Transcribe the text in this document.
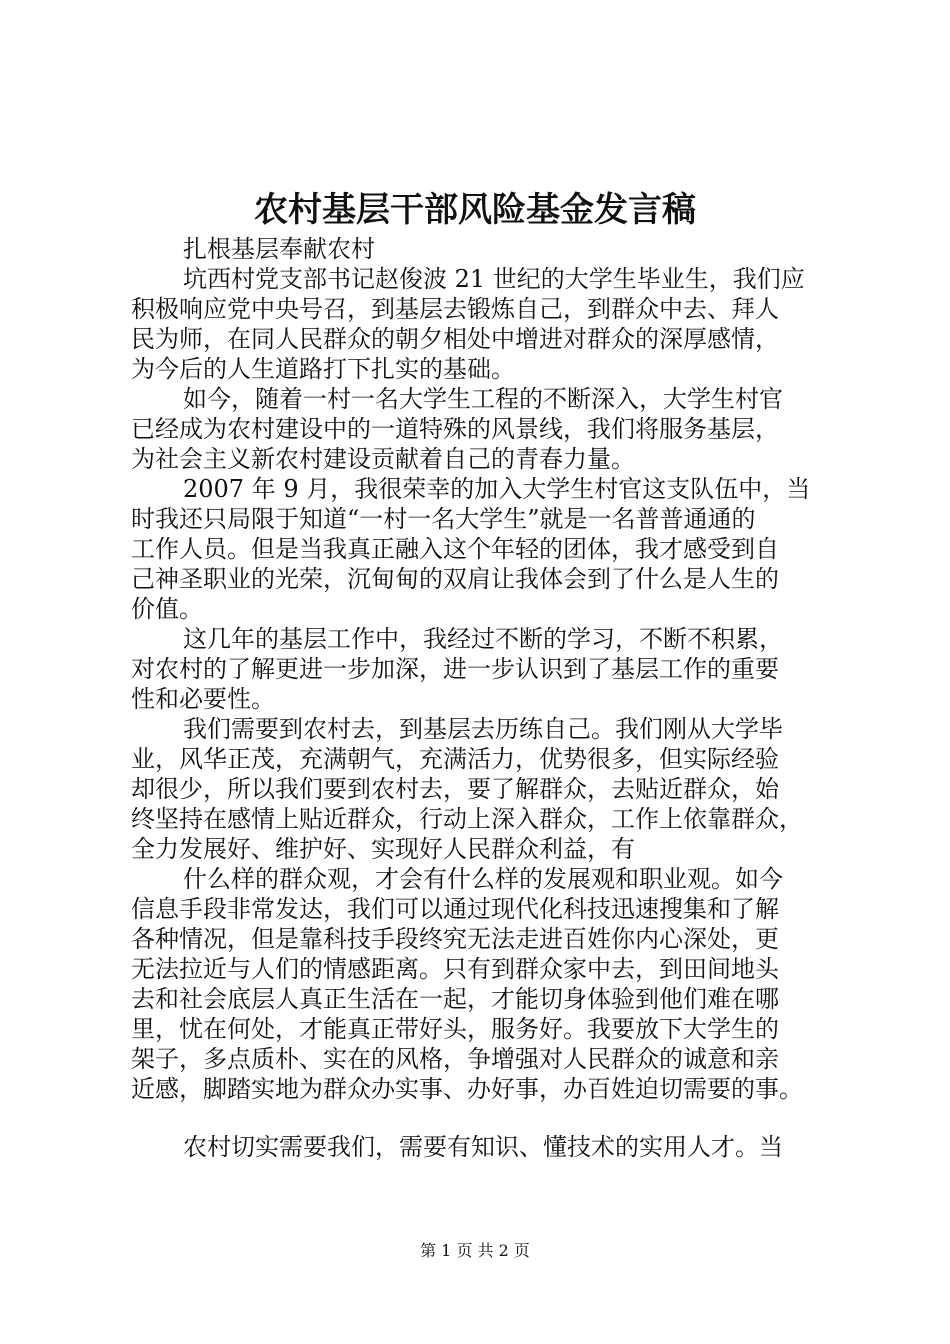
农村基层干部风险基金发言稿
扎根基层奉献农村
坑西村党支部书记赵俊波 21 世纪的大学生毕业生，我们应
积极响应党中央号召，到基层去锻炼自己，到群众中去、拜人
民为师，在同人民群众的朝夕相处中增进对群众的深厚感情，
为今后的人生道路打下扎实的基础。
如今，随着一村一名大学生工程的不断深入，大学生村官
已经成为农村建设中的一道特殊的风景线，我们将服务基层，
为社会主义新农村建设贡献着自己的青春力量。
2007 年 9 月，我很荣幸的加入大学生村官这支队伍中，当
时我还只局限于知道“一村一名大学生”就是一名普普通通的
工作人员。但是当我真正融入这个年轻的团体，我才感受到自
己神圣职业的光荣，沉甸甸的双肩让我体会到了什么是人生的
价值。
这几年的基层工作中，我经过不断的学习，不断不积累，
对农村的了解更进一步加深，进一步认识到了基层工作的重要
性和必要性。
我们需要到农村去，到基层去历练自己。我们刚从大学毕
业，风华正茂，充满朝气，充满活力，优势很多，但实际经验
却很少，所以我们要到农村去，要了解群众，去贴近群众，始
终坚持在感情上贴近群众，行动上深入群众，工作上依靠群众，
全力发展好、维护好、实现好人民群众利益，有
什么样的群众观，才会有什么样的发展观和职业观。如今
信息手段非常发达，我们可以通过现代化科技迅速搜集和了解
各种情况，但是靠科技手段终究无法走进百姓你内心深处，更
无法拉近与人们的情感距离。只有到群众家中去，到田间地头
去和社会底层人真正生活在一起，才能切身体验到他们难在哪
里，忧在何处，才能真正带好头，服务好。我要放下大学生的
架子，多点质朴、实在的风格，争增强对人民群众的诚意和亲
近感，脚踏实地为群众办实事、办好事，办百姓迫切需要的事。
农村切实需要我们，需要有知识、懂技术的实用人才。当
第 1 页 共 2 页
